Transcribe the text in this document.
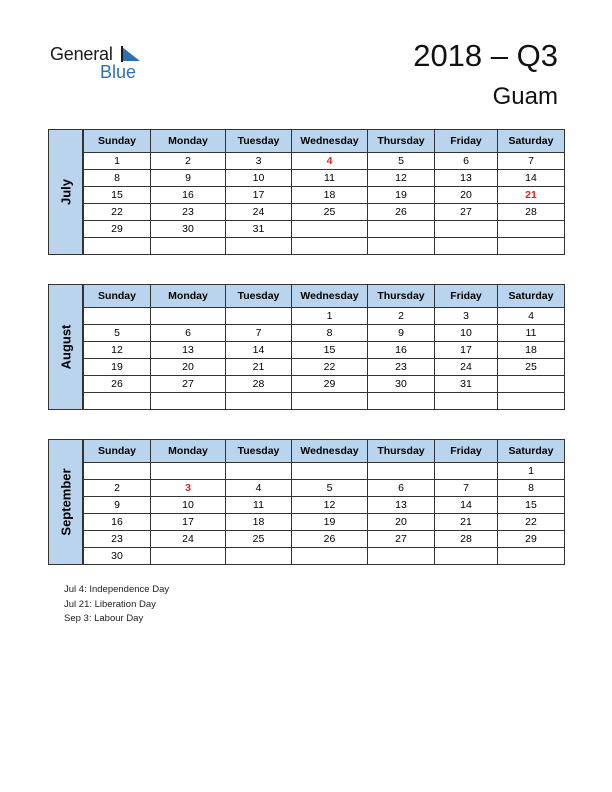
General
Blue	2018 – Q3
Guam
July
Sunday	Monday	Tuesday	Wednesday	Thursday	Friday	Saturday
1	2	3	4	5	6	7
8	9	10	11	12	13	14
15	16	17	18	19	20	21
22	23	24	25	26	27	28
29	30	31				

August
Sunday	Monday	Tuesday	Wednesday	Thursday	Friday	Saturday
			1	2	3	4
5	6	7	8	9	10	11
12	13	14	15	16	17	18
19	20	21	22	23	24	25
26	27	28	29	30	31	

September
Sunday	Monday	Tuesday	Wednesday	Thursday	Friday	Saturday
						1
2	3	4	5	6	7	8
9	10	11	12	13	14	15
16	17	18	19	20	21	22
23	24	25	26	27	28	29
30						
Jul 4: Independence Day
Jul 21: Liberation Day
Sep 3: Labour Day
